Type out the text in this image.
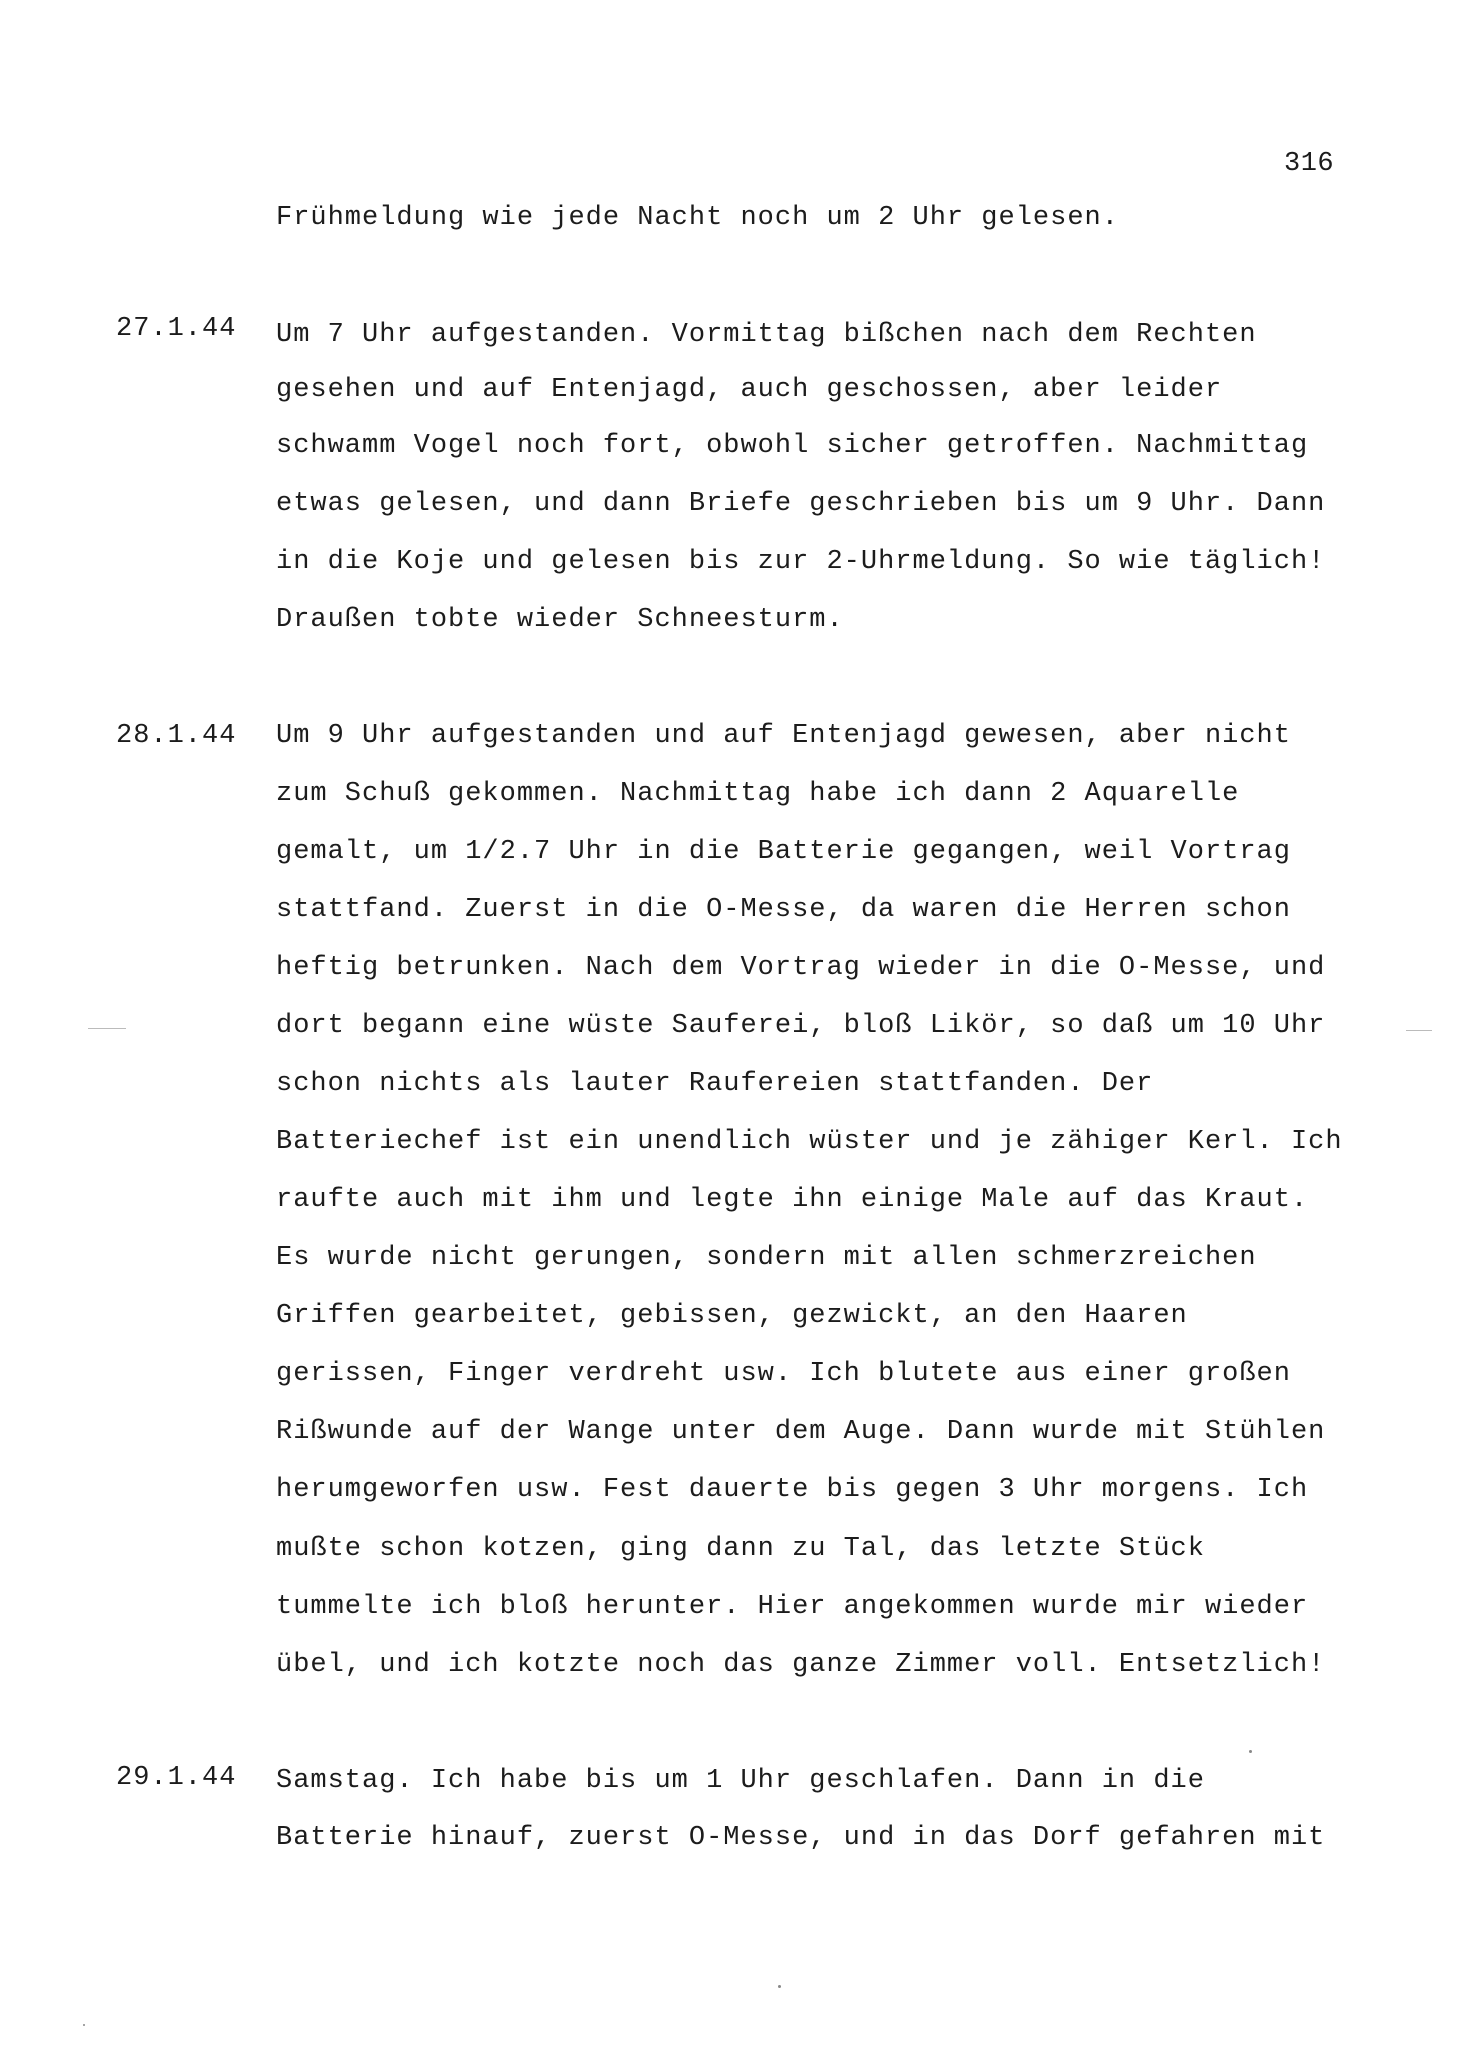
316
Frühmeldung wie jede Nacht noch um 2 Uhr gelesen.
27.1.44 Um 7 Uhr aufgestanden. Vormittag bißchen nach dem Rechten
gesehen und auf Entenjagd, auch geschossen, aber leider
schwamm Vogel noch fort, obwohl sicher getroffen. Nachmittag
etwas gelesen, und dann Briefe geschrieben bis um 9 Uhr. Dann
in die Koje und gelesen bis zur 2-Uhrmeldung. So wie täglich!
Draußen tobte wieder Schneesturm.
28.1.44 Um 9 Uhr aufgestanden und auf Entenjagd gewesen, aber nicht
zum Schuß gekommen. Nachmittag habe ich dann 2 Aquarelle
gemalt, um 1/2.7 Uhr in die Batterie gegangen, weil Vortrag
stattfand. Zuerst in die O-Messe, da waren die Herren schon
heftig betrunken. Nach dem Vortrag wieder in die O-Messe, und
dort begann eine wüste Sauferei, bloß Likör, so daß um 10 Uhr
schon nichts als lauter Raufereien stattfanden. Der
Batteriechef ist ein unendlich wüster und je zähiger Kerl. Ich
raufte auch mit ihm und legte ihn einige Male auf das Kraut.
Es wurde nicht gerungen, sondern mit allen schmerzreichen
Griffen gearbeitet, gebissen, gezwickt, an den Haaren
gerissen, Finger verdreht usw. Ich blutete aus einer großen
Rißwunde auf der Wange unter dem Auge. Dann wurde mit Stühlen
herumgeworfen usw. Fest dauerte bis gegen 3 Uhr morgens. Ich
mußte schon kotzen, ging dann zu Tal, das letzte Stück
tummelte ich bloß herunter. Hier angekommen wurde mir wieder
übel, und ich kotzte noch das ganze Zimmer voll. Entsetzlich!
29.1.44 Samstag. Ich habe bis um 1 Uhr geschlafen. Dann in die
Batterie hinauf, zuerst O-Messe, und in das Dorf gefahren mit
